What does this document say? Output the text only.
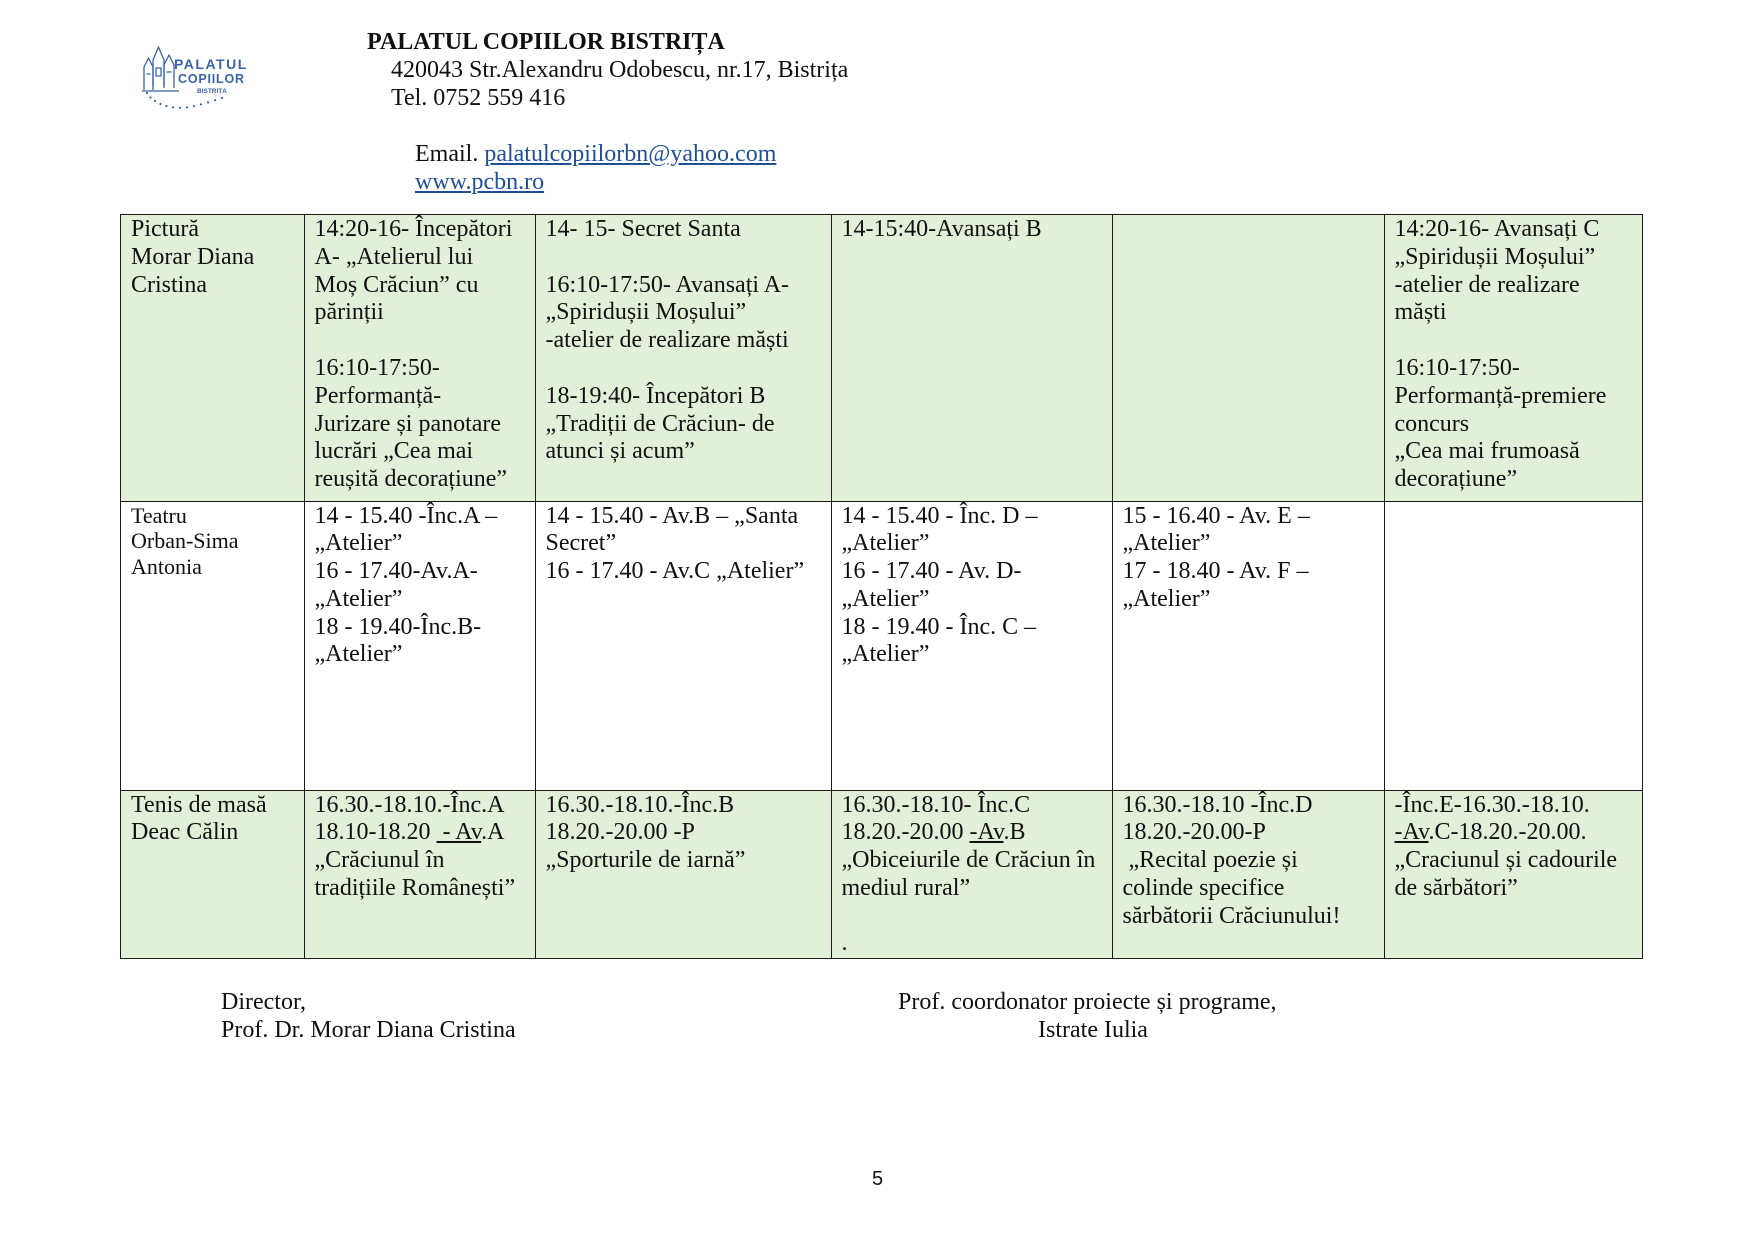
PALATUL
COPIILOR
BISTRIȚA
PALATUL COPIILOR BISTRIȚA
420043 Str.Alexandru Odobescu, nr.17, Bistrița
Tel. 0752 559 416

Email. palatulcopiilorbn@yahoo.com

www.pcbn.ro

Pictură
Morar Diana
Cristina
14:20-16- Începători
A- „Atelierul lui
Moș Crăciun” cu
părinții
16:10-17:50-
Performanță-
Jurizare și panotare
lucrări „Cea mai
reușită decorațiune”
14- 15- Secret Santa
16:10-17:50- Avansați A-
„Spiridușii Moșului”
-atelier de realizare măști
18-19:40- Începători B
„Tradiții de Crăciun- de
atunci și acum”
14-15:40-Avansați B	14:20-16- Avansați C
„Spiridușii Moșului”
-atelier de realizare
măști
16:10-17:50-
Performanță-premiere
concurs
„Cea mai frumoasă
decorațiune”
Teatru
Orban-Sima
Antonia
14 - 15.40 -Înc.A –
„Atelier”
16 - 17.40-Av.A-
„Atelier”
18 - 19.40-Înc.B-
„Atelier”
14 - 15.40 - Av.B – „Santa
Secret”
16 - 17.40 - Av.C „Atelier”
14 - 15.40 - Înc. D –
„Atelier”
16 - 17.40 - Av. D-
„Atelier”
18 - 19.40 - Înc. C –
„Atelier”
15 - 16.40 - Av. E –
„Atelier”
17 - 18.40 - Av. F –
„Atelier”
Tenis de masă
Deac Călin
16.30.-18.10.-Înc.A
18.10-18.20  - Av.A
„Crăciunul în
tradițiile Românești”
16.30.-18.10.-Înc.B
18.20.-20.00 -P
„Sporturile de iarnă”
16.30.-18.10- Înc.C
18.20.-20.00 -Av.B
„Obiceiurile de Crăciun în
mediul rural”
.
16.30.-18.10 -Înc.D
18.20.-20.00-P
„Recital poezie și
colinde specifice
sărbătorii Crăciunului!
-Înc.E-16.30.-18.10.
-Av.C-18.20.-20.00.
„Craciunul și cadourile
de sărbători”
Director,
Prof. Dr. Morar Diana Cristina
Prof. coordonator proiecte și programe,
Istrate Iulia
5
